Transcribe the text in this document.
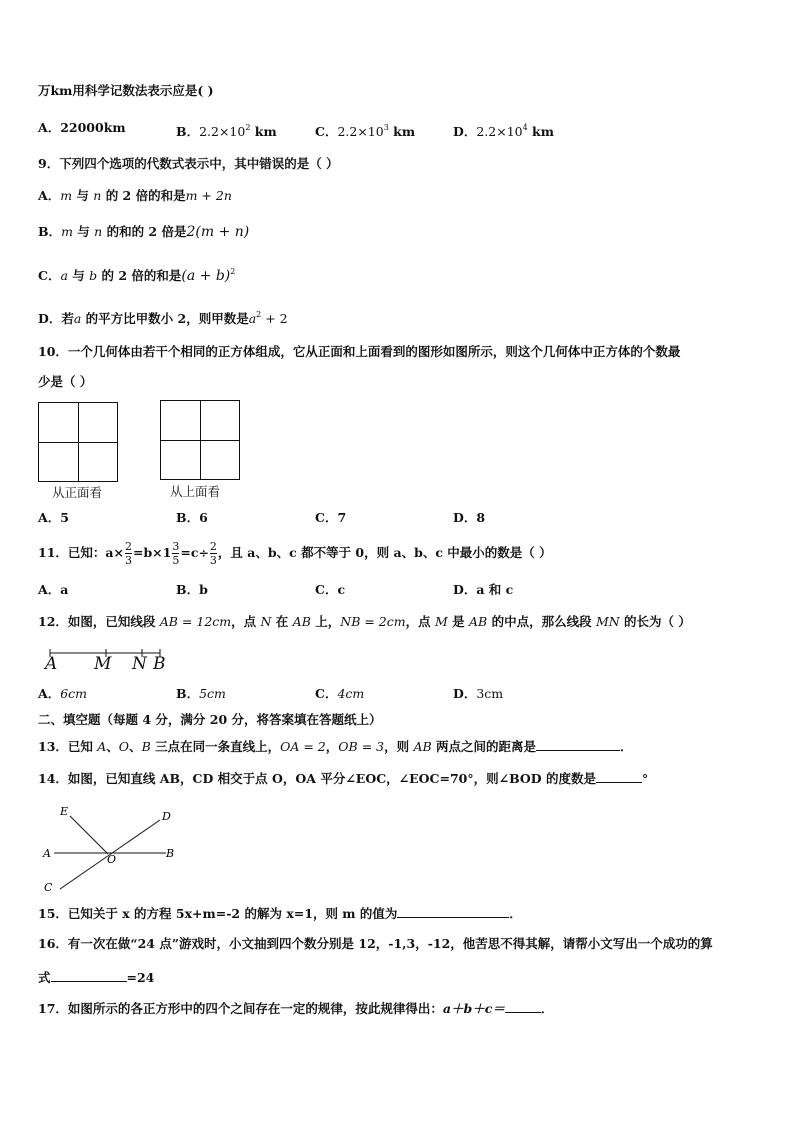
万km用科学记数法表示应是( )
A．22000km	B．$2.2\times 10^2$ km	C．$2.2\times 10^3$ km	D．$2.2\times 10^4$ km
9．下列四个选项的代数式表示中，其中错误的是（ ）
A．m 与 n 的 2 倍的和是m + 2n
B．m 与 n 的和的 2 倍是2(m + n)
C．a 与 b 的 2 倍的和是$(a + b)^2$
D．若a 的平方比甲数小 2，则甲数是$a^2 + 2$
10．一个几何体由若干个相同的正方体组成，它从正面和上面看到的图形如图所示，则这个几何体中正方体的个数最
少是（ ）
从正面看	从上面看
A．5	B．6	C．7	D．8
11．已知：$a\times \frac{2}{3} =b\times 1 \frac{3}{5} =c\div \frac{2}{3}$ ，且 a、b、c 都不等于 0，则 a、b、c 中最小的数是（ ）
A．a	B．b	C．c	D．a 和 c
12．如图，已知线段 AB = 12cm，点 N 在 AB 上，NB = 2cm，点 M 是 AB 的中点，那么线段 MN 的长为（ ）
A M N B
A．6cm	B．5cm	C．4cm	D．3cm
二、填空题（每题 4 分，满分 20 分，将答案填在答题纸上）
13．已知 A、O、B 三点在同一条直线上，OA = 2，OB = 3，则 AB 两点之间的距离是	．
14．如图，已知直线 AB，CD 相交于点 O，OA 平分∠EOC，∠EOC=70°，则∠BOD 的度数是	°
E	D
A	O	B
C
15．已知关于 x 的方程 5x+m=-2 的解为 x=1，则 m 的值为	．
16．有一次在做“24 点”游戏时，小文抽到四个数分别是 12，-1,3，-12，他苦思不得其解，请帮小文写出一个成功的算
式	=24
17．如图所示的各正方形中的四个之间存在一定的规律，按此规律得出：a＋b＋c＝	．
